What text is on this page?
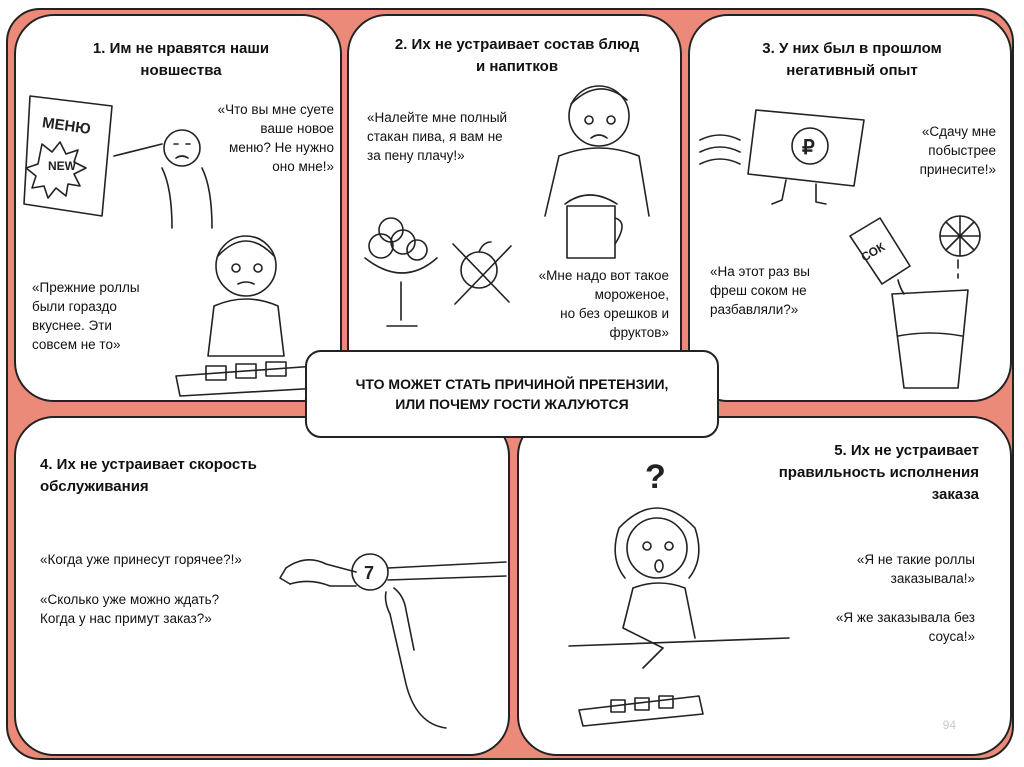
1. Им не нравятся наши
новшества
«Что вы мне суете
ваше новое
меню? Не нужно
оно мне!»
«Прежние роллы
были гораздо
вкуснее. Эти
совсем не то»
МЕНЮ
NEW
2. Их не устраивает состав блюд
и напитков
«Налейте мне полный
стакан пива, я вам не
за пену плачу!»
«Мне надо вот такое
мороженое,
но без орешков и
фруктов»
3. У них был в прошлом
негативный опыт
«Сдачу мне
побыстрее
принесите!»
«На этот раз вы
фреш соком не
разбавляли?»
₽
СОК
4. Их не устраивает скорость
обслуживания
«Когда уже принесут горячее?!»
«Сколько уже можно ждать?
Когда у нас примут заказ?»
7
5. Их не устраивает
правильность исполнения
заказа
«Я не такие роллы
заказывала!»
«Я же заказывала без
соуса!»
?
94
ЧТО МОЖЕТ СТАТЬ ПРИЧИНОЙ ПРЕТЕНЗИИ,
ИЛИ ПОЧЕМУ ГОСТИ ЖАЛУЮТСЯ
